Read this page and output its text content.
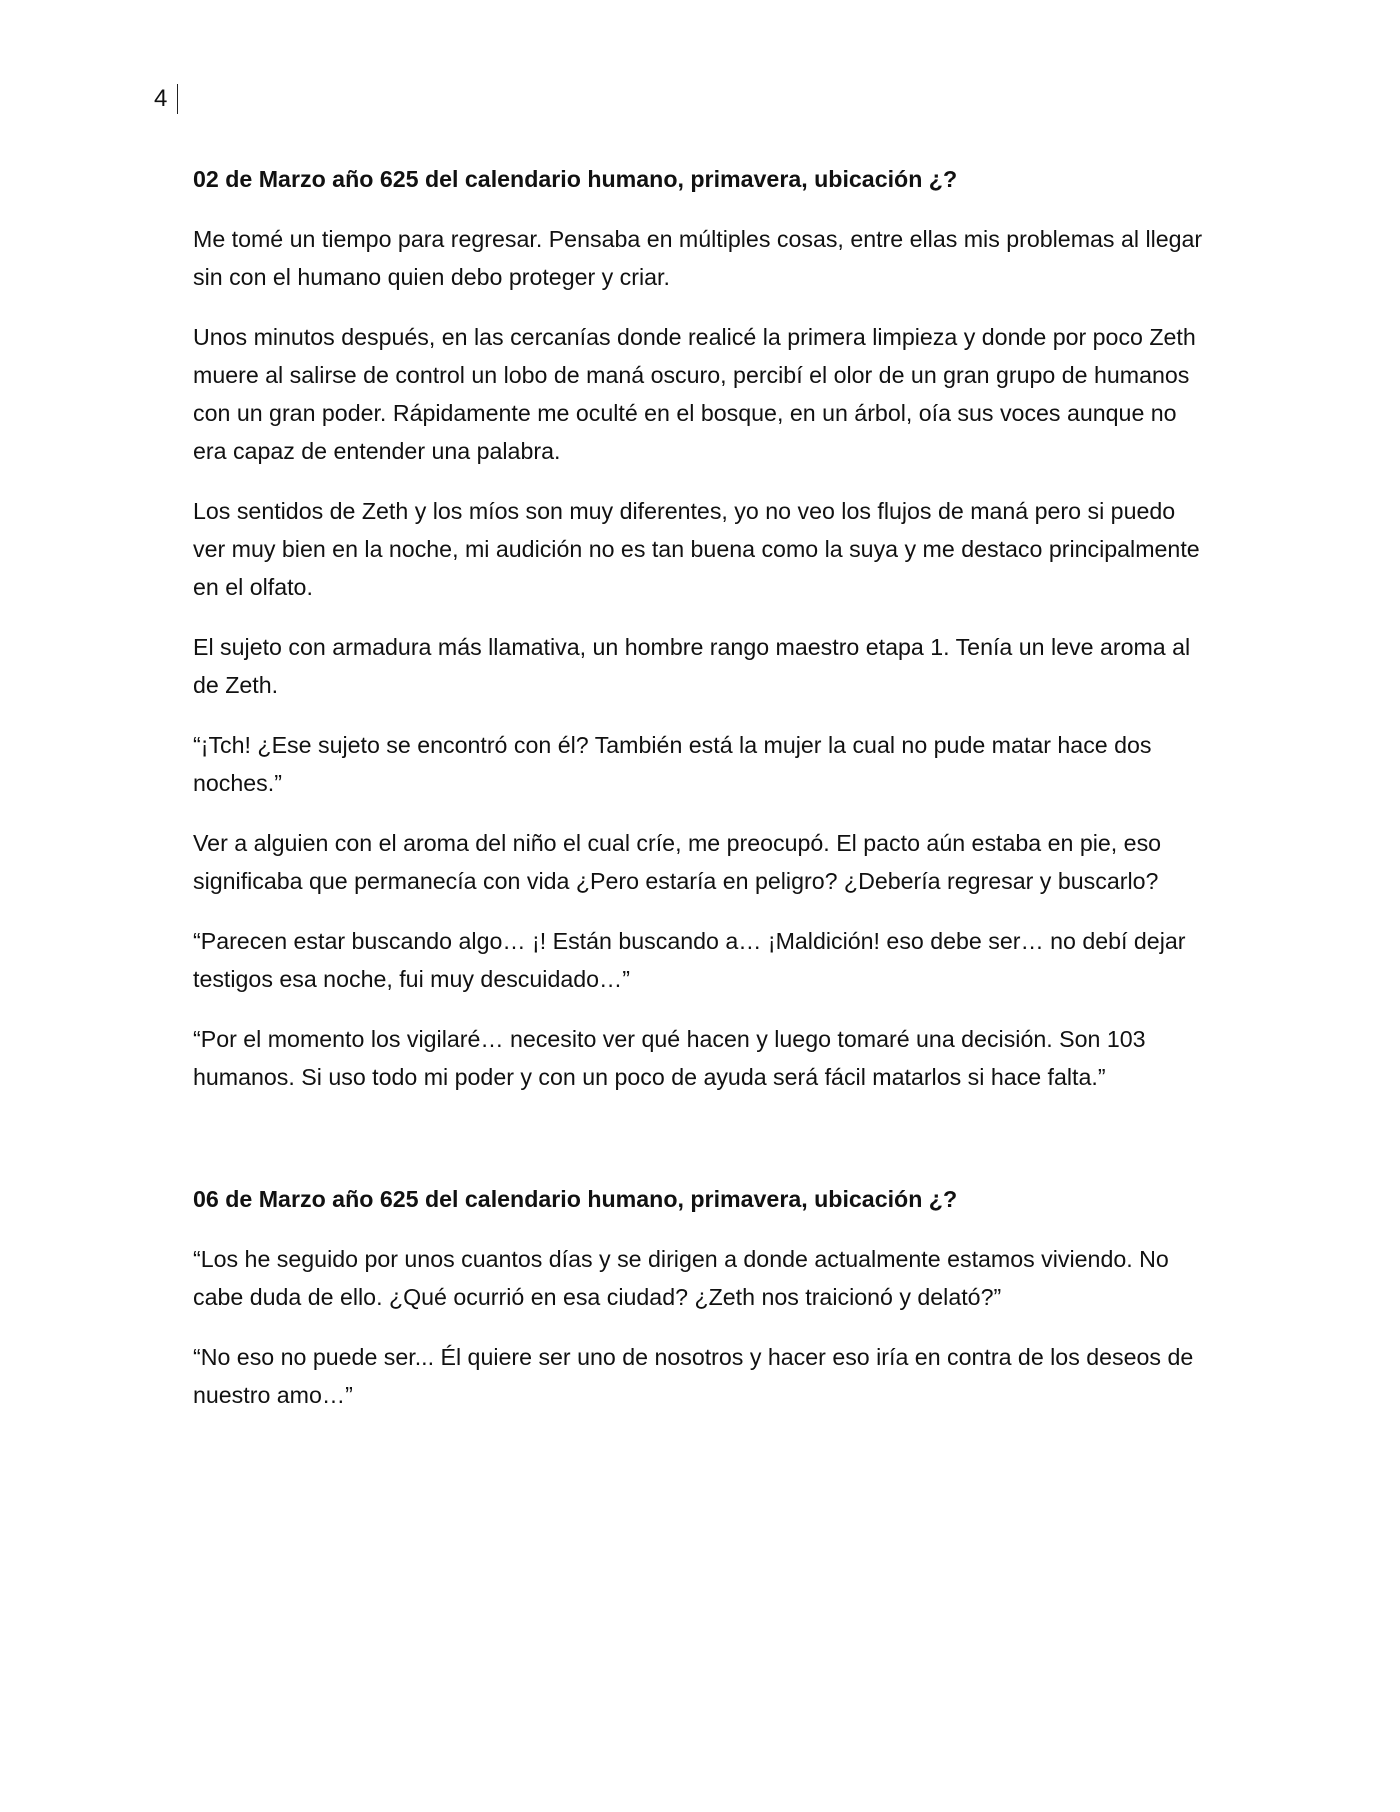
4

02 de Marzo año 625 del calendario humano, primavera, ubicación ¿?

Me tomé un tiempo para regresar. Pensaba en múltiples cosas, entre ellas mis problemas al llegar sin con el humano quien debo proteger y criar.

Unos minutos después, en las cercanías donde realicé la primera limpieza y donde por poco Zeth muere al salirse de control un lobo de maná oscuro, percibí el olor de un gran grupo de humanos con un gran poder. Rápidamente me oculté en el bosque, en un árbol, oía sus voces aunque no era capaz de entender una palabra.

Los sentidos de Zeth y los míos son muy diferentes, yo no veo los flujos de maná pero si puedo ver muy bien en la noche, mi audición no es tan buena como la suya y me destaco principalmente en el olfato.

El sujeto con armadura más llamativa, un hombre rango maestro etapa 1. Tenía un leve aroma al de Zeth.

“¡Tch! ¿Ese sujeto se encontró con él? También está la mujer la cual no pude matar hace dos noches.”

Ver a alguien con el aroma del niño el cual críe, me preocupó. El pacto aún estaba en pie, eso significaba que permanecía con vida ¿Pero estaría en peligro? ¿Debería regresar y buscarlo?

“Parecen estar buscando algo… ¡! Están buscando a… ¡Maldición! eso debe ser… no debí dejar testigos esa noche, fui muy descuidado…”

“Por el momento los vigilaré… necesito ver qué hacen y luego tomaré una decisión. Son 103 humanos. Si uso todo mi poder y con un poco de ayuda será fácil matarlos si hace falta.”

06 de Marzo año 625 del calendario humano, primavera, ubicación ¿?

“Los he seguido por unos cuantos días y se dirigen a donde actualmente estamos viviendo. No cabe duda de ello. ¿Qué ocurrió en esa ciudad? ¿Zeth nos traicionó y delató?”

“No eso no puede ser... Él quiere ser uno de nosotros y hacer eso iría en contra de los deseos de nuestro amo…”
